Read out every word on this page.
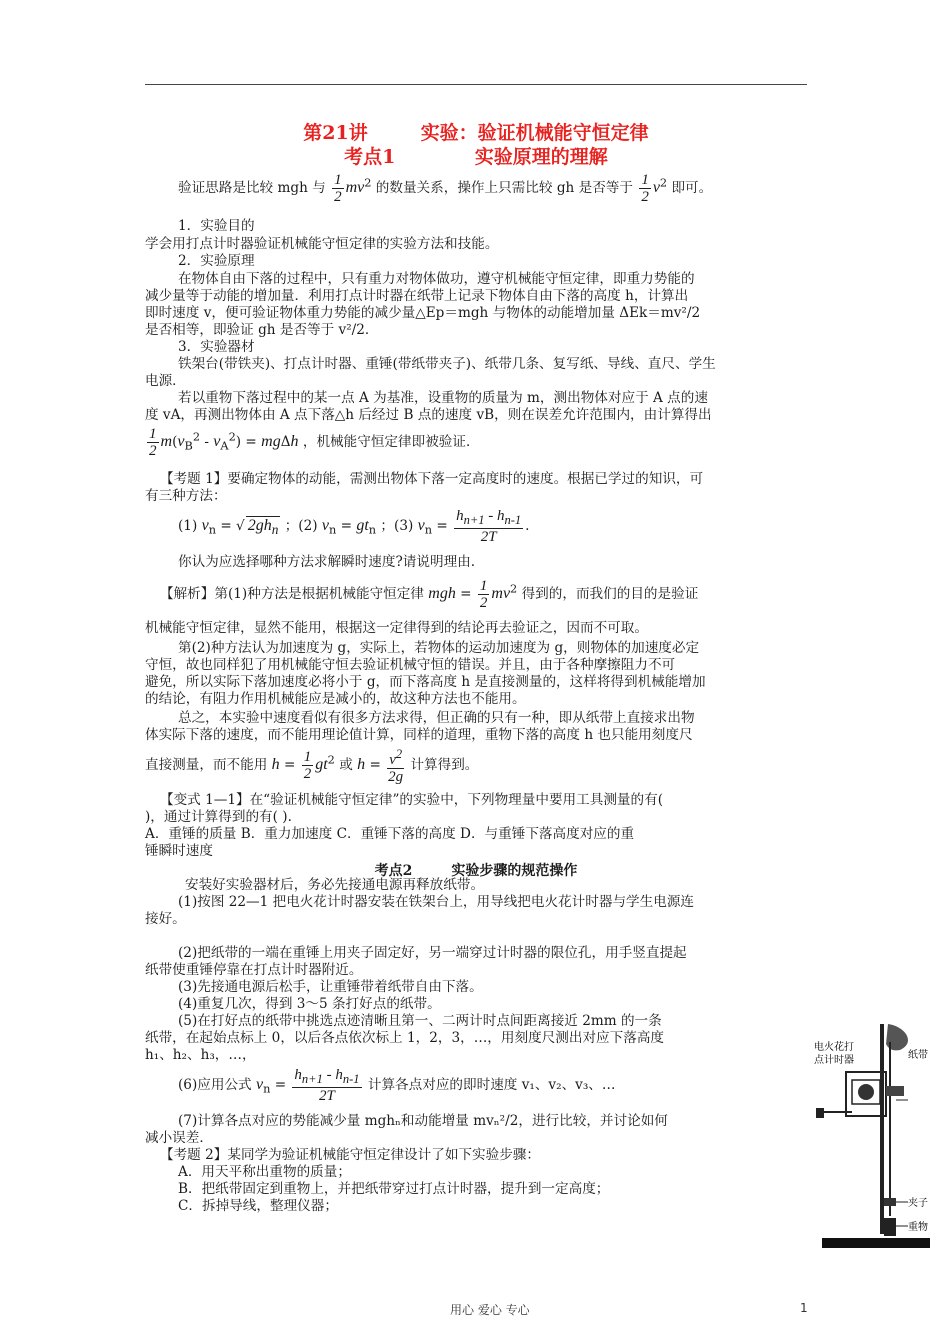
第21讲	实验：验证机械能守恒定律
考点1	实验原理的理解
验证思路是比较 mgh 与 $\frac{1}{2} mv^2$ 的数量关系，操作上只需比较 gh 是否等于 $\frac{1}{2} v^2$ 即可。
1．实验目的
学会用打点计时器验证机械能守恒定律的实验方法和技能。
2．实验原理
在物体自由下落的过程中，只有重力对物体做功，遵守机械能守恒定律，即重力势能的
减少量等于动能的增加量．利用打点计时器在纸带上记录下物体自由下落的高度 h，计算出
即时速度 v，便可验证物体重力势能的减少量△Ep＝mgh 与物体的动能增加量 ΔEk＝mv²/2
是否相等，即验证 gh 是否等于 v²/2．
3．实验器材
铁架台(带铁夹)、打点计时器、重锤(带纸带夹子)、纸带几条、复写纸、导线、直尺、学生
电源．
若以重物下落过程中的某一点 A 为基准，设重物的质量为 m，测出物体对应于 A 点的速
度 vA，再测出物体由 A 点下落△h 后经过 B 点的速度 vB，则在误差允许范围内，由计算得出
$\frac{1}{2} m(v_B^2 - v_A^2) = mg\Delta h$ ，机械能守恒定律即被验证．
【考题 1】要确定物体的动能，需测出物体下落一定高度时的速度。根据已学过的知识，可
有三种方法：
(1) $v_n$ = √ $2gh_n$ ；(2) $v_n = gt_n$ ；(3) $v_n = \frac{h_{n+1} - h_{n-1}}{2T}$ .
你认为应选择哪种方法求解瞬时速度?请说明理由.
【解析】第(1)种方法是根据机械能守恒定律 mgh = $\frac{1}{2} mv^2$ 得到的，而我们的目的是验证
机械能守恒定律，显然不能用，根据这一定律得到的结论再去验证之，因而不可取。
第(2)种方法认为加速度为 g，实际上，若物体的运动加速度为 g，则物体的加速度必定
守恒，故也同样犯了用机械能守恒去验证机械守恒的错误。并且，由于各种摩擦阻力不可
避免，所以实际下落加速度必将小于 g，而下落高度 h 是直接测量的，这样将得到机械能增加
的结论，有阻力作用机械能应是减小的，故这种方法也不能用。
总之，本实验中速度看似有很多方法求得，但正确的只有一种，即从纸带上直接求出物
体实际下落的速度，而不能用理论值计算，同样的道理，重物下落的高度 h 也只能用刻度尺
直接测量，而不能用 $h = \frac{1}{2} gt^2$ 或 $h = \frac{v^2}{2g}$ 计算得到。
【变式 1—1】在“验证机械能守恒定律”的实验中，下列物理量中要用工具测量的有(
)，通过计算得到的有( ).
A．重锤的质量 B．重力加速度 C．重锤下落的高度 D．与重锤下落高度对应的重
锤瞬时速度
考点2	实验步骤的规范操作
安装好实验器材后，务必先接通电源再释放纸带。
(1)按图 22—1 把电火花计时器安装在铁架台上，用导线把电火花计时器与学生电源连
接好。
(2)把纸带的一端在重锤上用夹子固定好，另一端穿过计时器的限位孔，用手竖直提起
纸带使重锤停靠在打点计时器附近。
(3)先接通电源后松手，让重锤带着纸带自由下落。
(4)重复几次，得到 3～5 条打好点的纸带。
(5)在打好点的纸带中挑选点迹清晰且第一、二两计时点间距离接近 2mm 的一条
纸带，在起始点标上 0，以后各点依次标上 1，2，3，…，用刻度尺测出对应下落高度
h₁、h₂、h₃，…，
(6)应用公式 $v_n = \frac{h_{n+1} - h_{n-1}}{2T}$ 计算各点对应的即时速度 v₁、v₂、v₃、…
(7)计算各点对应的势能减少量 mghₙ和动能增量 mvₙ²/2，进行比较，并讨论如何
减小误差．
【考题 2】某同学为验证机械能守恒定律设计了如下实验步骤：
A．用天平称出重物的质量；
B．把纸带固定到重物上，并把纸带穿过打点计时器，提升到一定高度；
C．拆掉导线，整理仪器；
电火花打
点计时器	纸带
夹子
重物
用心 爱心 专心	1
